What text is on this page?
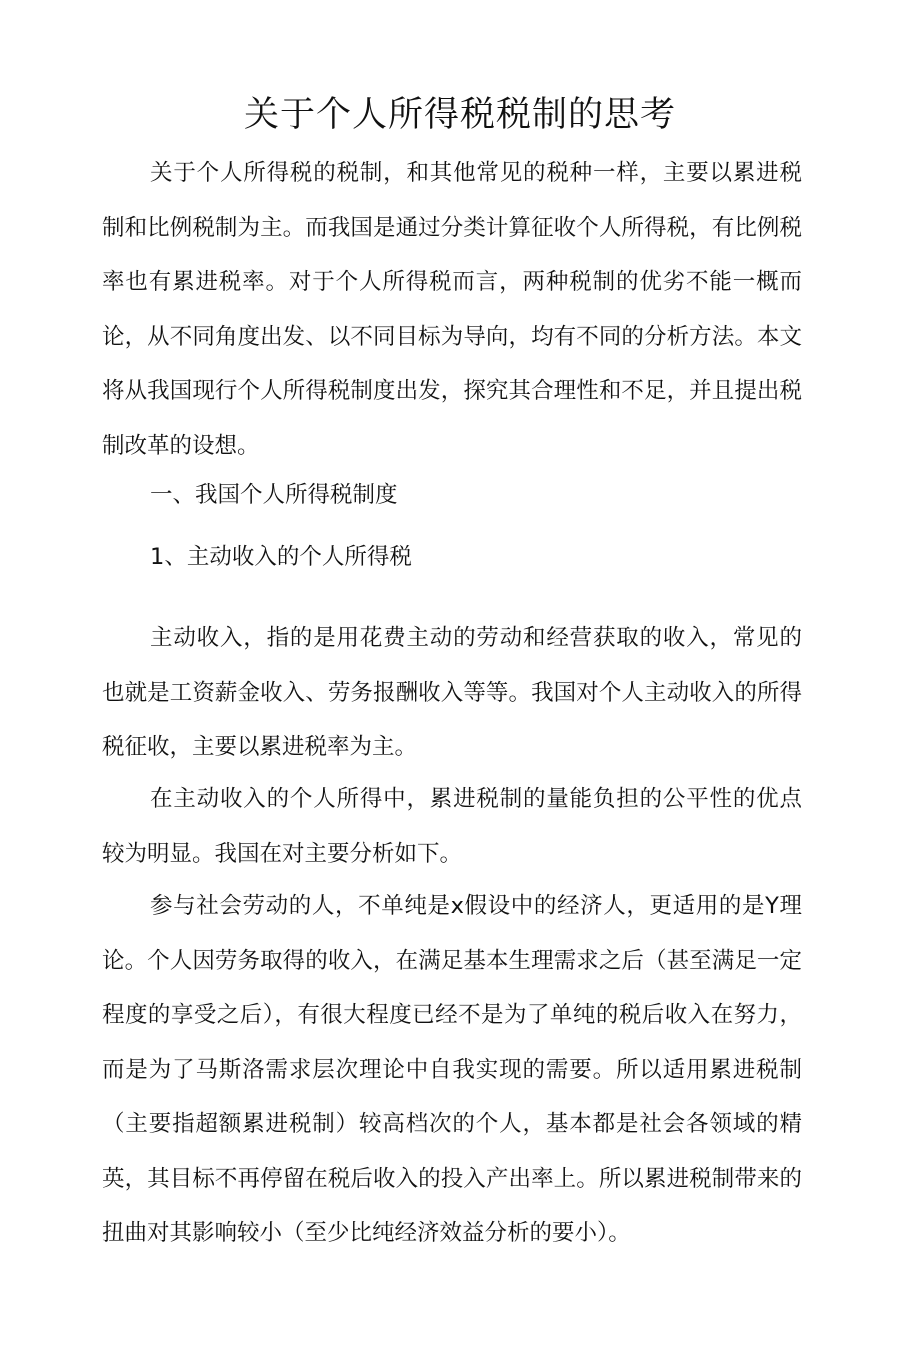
关于个人所得税税制的思考

关于个人所得税的税制，和其他常见的税种一样，主要以累进税制和比例税制为主。而我国是通过分类计算征收个人所得税，有比例税率也有累进税率。对于个人所得税而言，两种税制的优劣不能一概而论，从不同角度出发、以不同目标为导向，均有不同的分析方法。本文将从我国现行个人所得税制度出发，探究其合理性和不足，并且提出税制改革的设想。

一、我国个人所得税制度

1、主动收入的个人所得税

主动收入，指的是用花费主动的劳动和经营获取的收入，常见的也就是工资薪金收入、劳务报酬收入等等。我国对个人主动收入的所得税征收，主要以累进税率为主。

在主动收入的个人所得中，累进税制的量能负担的公平性的优点较为明显。我国在对主要分析如下。

参与社会劳动的人，不单纯是x假设中的经济人，更适用的是Y理论。个人因劳务取得的收入，在满足基本生理需求之后（甚至满足一定程度的享受之后），有很大程度已经不是为了单纯的税后收入在努力，而是为了马斯洛需求层次理论中自我实现的需要。所以适用累进税制（主要指超额累进税制）较高档次的个人，基本都是社会各领域的精英，其目标不再停留在税后收入的投入产出率上。所以累进税制带来的扭曲对其影响较小（至少比纯经济效益分析的要小）。
